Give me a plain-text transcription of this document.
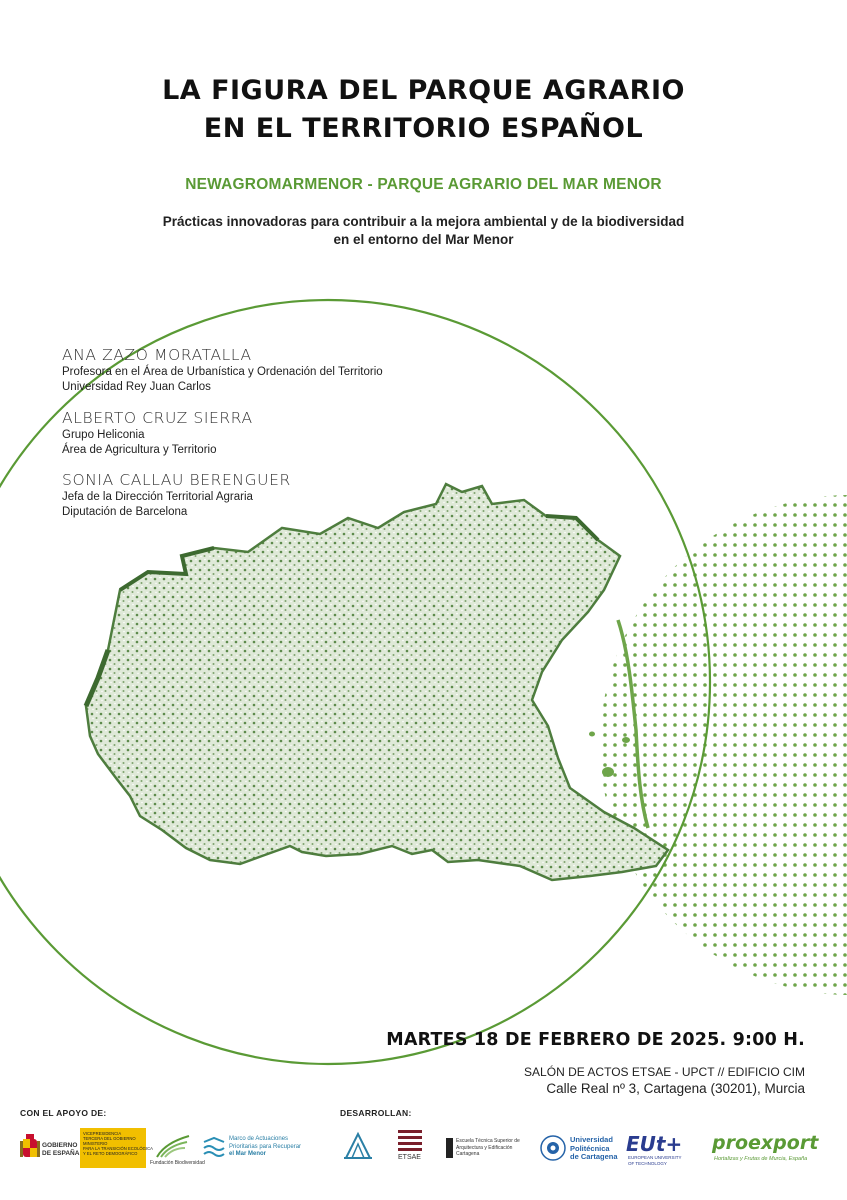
LA FIGURA DEL PARQUE AGRARIO
EN EL TERRITORIO ESPAÑOL
NEWAGROMARMENOR - PARQUE AGRARIO DEL MAR MENOR
Prácticas innovadoras para contribuir a la mejora ambiental y de la biodiversidad
en el entorno del Mar Menor
ANA ZAZO MORATALLA
Profesora en el Área de Urbanística y Ordenación del Territorio
Universidad Rey Juan Carlos
ALBERTO CRUZ SIERRA
Grupo Heliconia
Área de Agricultura y Territorio
SONIA CALLAU BERENGUER
Jefa de la Dirección Territorial Agraria
Diputación de Barcelona
MARTES 18 DE FEBRERO DE 2025. 9:00 H.
SALÓN DE ACTOS ETSAE - UPCT // EDIFICIO CIM
Calle Real nº 3, Cartagena (30201), Murcia
CON EL APOYO DE:	DESARROLLAN:
GOBIERNO
DE ESPAÑA
VICEPRESIDENCIA
TERCERA DEL GOBIERNO
MINISTERIO
PARA LA TRANSICIÓN ECOLÓGICA
Y EL RETO DEMOGRÁFICO
Fundación Biodiversidad
Marco de Actuaciones
Prioritarias para Recuperar
el Mar Menor	ETSAE
Escuela Técnica Superior de
Arquitectura y Edificación
Cartagena
Universidad
Politécnica
de Cartagena
EUt+
EUROPEAN UNIVERSITY
OF TECHNOLOGY
proexport
Hortalizas y Frutas de Murcia, España
